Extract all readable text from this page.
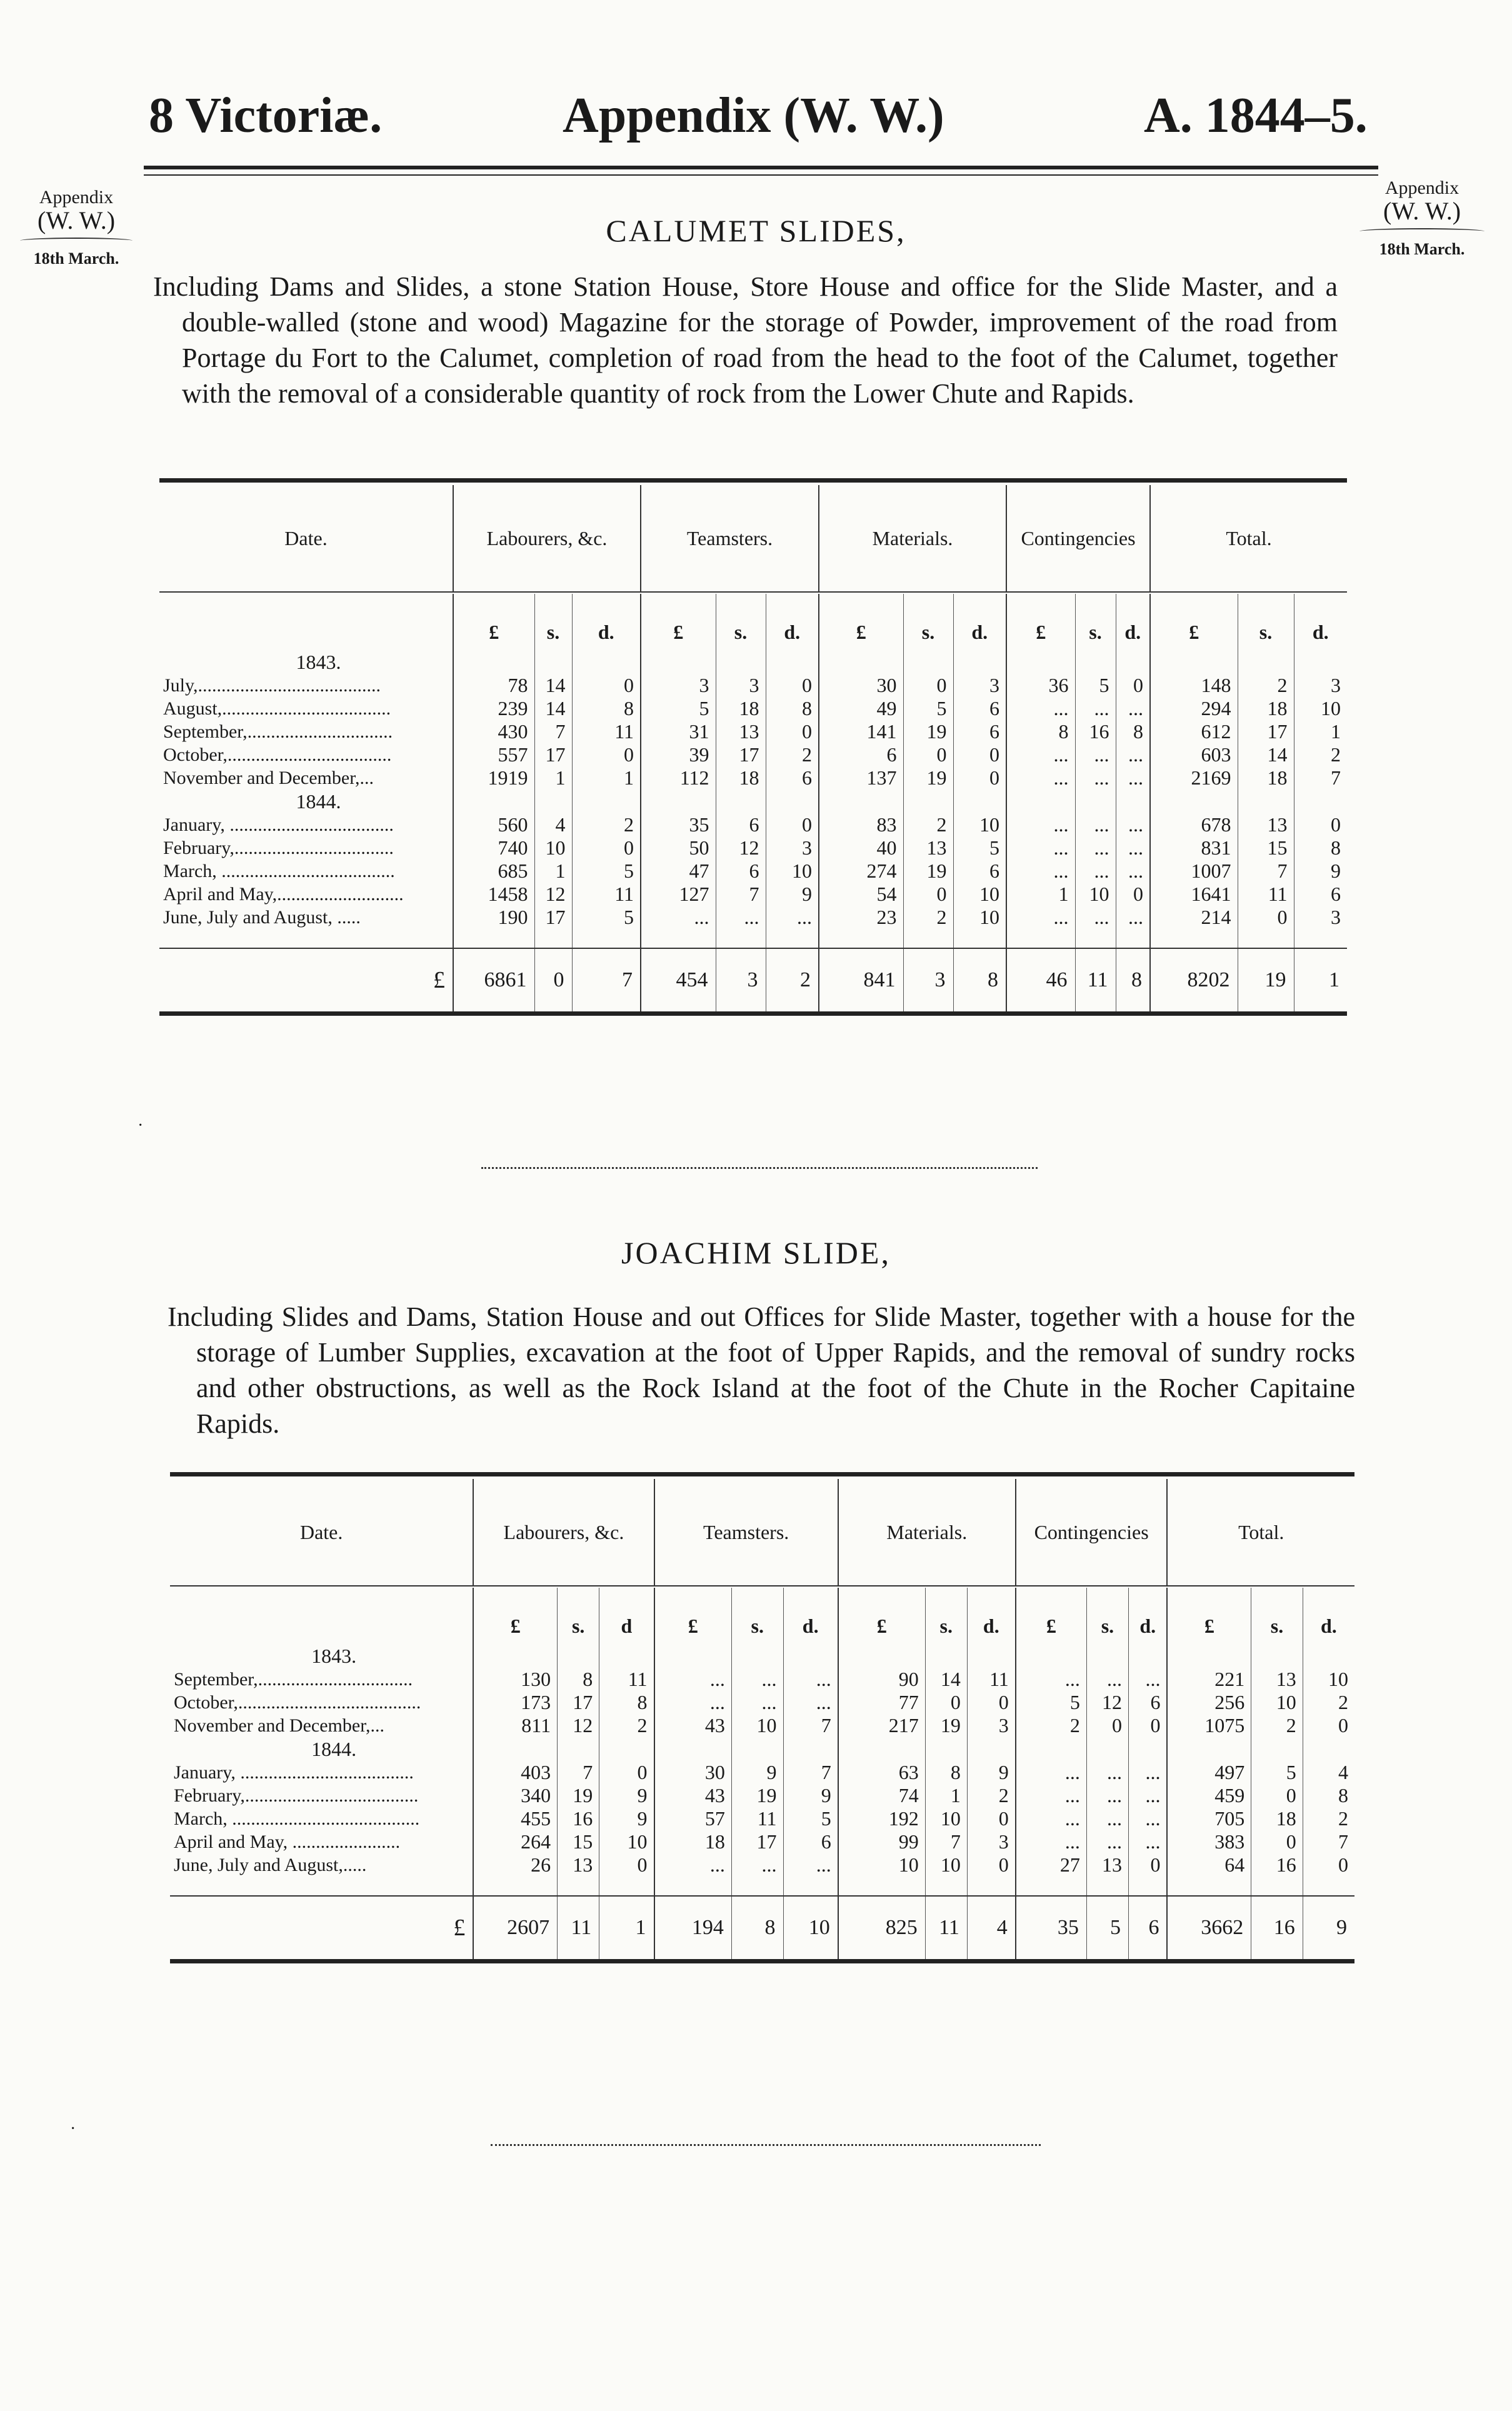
8 Victoriæ.	Appendix (W. W.)	A. 1844–5.
Appendix
(W. W.)
18th March.
Appendix
(W. W.)
18th March.
CALUMET SLIDES,

Including Dams and Slides, a stone Station House, Store House and office for the Slide Master, and a double-walled (stone and wood) Magazine for the storage of Powder, improvement of the road from Portage du Fort to the Calumet, completion of road from the head to the foot of the Calumet, together with the removal of a considerable quantity of rock from the Lower Chute and Rapids.

Date.	Labourers, &c.			Teamsters.			Materials.			Contingencies			Total.		

	£	s.	d.	£	s.	d.	£	s.	d.	£	s.	d.	£	s.	d.
1843.															
July,.......................................	78	14	0	3	3	0	30	0	3	36	5	0	148	2	3
August,....................................	239	14	8	5	18	8	49	5	6	...	...	...	294	18	10
September,...............................	430	7	11	31	13	0	141	19	6	8	16	8	612	17	1
October,...................................	557	17	0	39	17	2	6	0	0	...	...	...	603	14	2
November and December,...	1919	1	1	112	18	6	137	19	0	...	...	...	2169	18	7
1844.															
January, ...................................	560	4	2	35	6	0	83	2	10	...	...	...	678	13	0
February,..................................	740	10	0	50	12	3	40	13	5	...	...	...	831	15	8
March, .....................................	685	1	5	47	6	10	274	19	6	...	...	...	1007	7	9
April and May,...........................	1458	12	11	127	7	9	54	0	10	1	10	0	1641	11	6
June, July and August, .....	190	17	5	...	...	...	23	2	10	...	...	...	214	0	3

£	6861	0	7	454	3	2	841	3	8	46	11	8	8202	19	1
·
JOACHIM SLIDE,

Including Slides and Dams, Station House and out Offices for Slide Master, together with a house for the storage of Lumber Supplies, excavation at the foot of Upper Rapids, and the removal of sundry rocks and other obstructions, as well as the Rock Island at the foot of the Chute in the Rocher Capitaine Rapids.

Date.	Labourers, &c.			Teamsters.			Materials.			Contingencies			Total.		

	£	s.	d	£	s.	d.	£	s.	d.	£	s.	d.	£	s.	d.
1843.															
September,.................................	130	8	11	...	...	...	90	14	11	...	...	...	221	13	10
October,.......................................	173	17	8	...	...	...	77	0	0	5	12	6	256	10	2
November and December,...	811	12	2	43	10	7	217	19	3	2	0	0	1075	2	0
1844.															
January, .....................................	403	7	0	30	9	7	63	8	9	...	...	...	497	5	4
February,.....................................	340	19	9	43	19	9	74	1	2	...	...	...	459	0	8
March, ........................................	455	16	9	57	11	5	192	10	0	...	...	...	705	18	2
April and May, .......................	264	15	10	18	17	6	99	7	3	...	...	...	383	0	7
June, July and August,.....	26	13	0	...	...	...	10	10	0	27	13	0	64	16	0

£	2607	11	1	194	8	10	825	11	4	35	5	6	3662	16	9
·
